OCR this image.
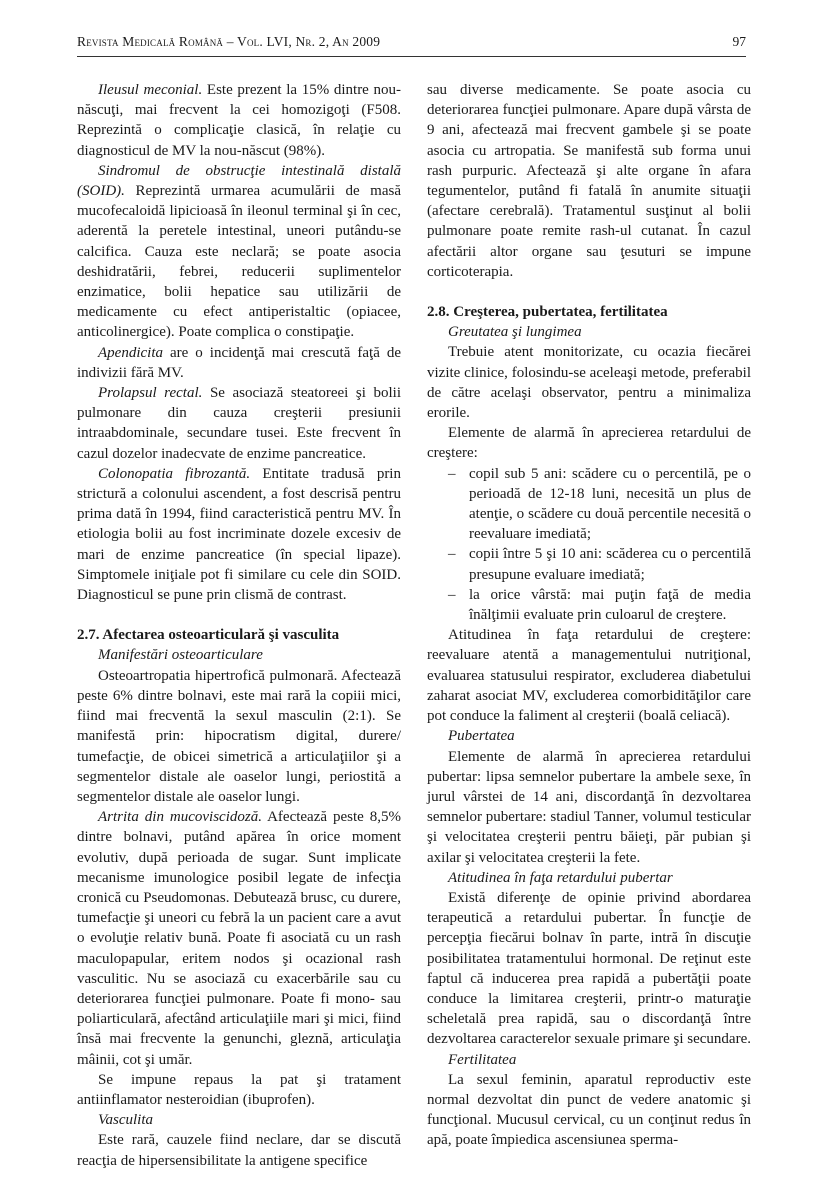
Revista Medicală Română – Vol. LVI, Nr. 2, An 2009	97

Ileusul meconial. Este prezent la 15% dintre nou-născuţi, mai frecvent la cei homozigoţi (F508. Reprezintă o complicaţie clasică, în relaţie cu diagnosticul de MV la nou-născut (98%).

Sindromul de obstrucţie intestinală distală (SOID). Reprezintă urmarea acumulării de masă mucofecaloidă lipicioasă în ileonul terminal şi în cec, aderentă la peretele intestinal, uneori putându-se calcifica. Cauza este neclară; se poate asocia deshidratării, febrei, reducerii suplimentelor enzimatice, bolii hepatice sau utilizării de medicamente cu efect antiperistaltic (opiacee, anticolinergice). Poate complica o constipaţie.

Apendicita are o incidenţă mai crescută faţă de indivizii fără MV.

Prolapsul rectal. Se asociază steatoreei şi bolii pulmonare din cauza creşterii presiunii intraabdominale, secundare tusei. Este frecvent în cazul dozelor inadecvate de enzime pancreatice.

Colonopatia fibrozantă. Entitate tradusă prin strictură a colonului ascendent, a fost descrisă pentru prima dată în 1994, fiind caracteristică pentru MV. În etiologia bolii au fost incriminate dozele excesiv de mari de enzime pancreatice (în special lipaze). Simptomele iniţiale pot fi similare cu cele din SOID. Diagnosticul se pune prin clismă de contrast.

2.7. Afectarea osteoarticulară şi vasculita

Manifestări osteoarticulare

Osteoartropatia hipertrofică pulmonară. Afectează peste 6% dintre bolnavi, este mai rară la copiii mici, fiind mai frecventă la sexul masculin (2:1). Se manifestă prin: hipocratism digital, durere/ tumefacţie, de obicei simetrică a articulaţiilor şi a segmentelor distale ale oaselor lungi, periostită a segmentelor distale ale oaselor lungi.

Artrita din mucoviscidoză. Afectează peste 8,5% dintre bolnavi, putând apărea în orice moment evolutiv, după perioada de sugar. Sunt implicate mecanisme imunologice posibil legate de infecţia cronică cu Pseudomonas. Debutează brusc, cu durere, tumefacţie şi uneori cu febră la un pacient care a avut o evoluţie relativ bună. Poate fi asociată cu un rash maculopapular, eritem nodos şi ocazional rash vasculitic. Nu se asociază cu exacerbările sau cu deteriorarea funcţiei pulmonare. Poate fi mono- sau poliarticulară, afectând articulaţiile mari şi mici, fiind însă mai frecvente la genunchi, gleznă, articulaţia mâinii, cot şi umăr.

Se impune repaus la pat şi tratament antiinflamator nesteroidian (ibuprofen).

Vasculita

Este rară, cauzele fiind neclare, dar se discută reacţia de hipersensibilitate la antigene specifice

sau diverse medicamente. Se poate asocia cu deteriorarea funcţiei pulmonare. Apare după vârsta de 9 ani, afectează mai frecvent gambele şi se poate asocia cu artropatia. Se manifestă sub forma unui rash purpuric. Afectează şi alte organe în afara tegumentelor, putând fi fatală în anumite situaţii (afectare cerebrală). Tratamentul susţinut al bolii pulmonare poate remite rash-ul cutanat. În cazul afectării altor organe sau ţesuturi se impune corticoterapia.

2.8. Creşterea, pubertatea, fertilitatea

Greutatea şi lungimea

Trebuie atent monitorizate, cu ocazia fiecărei vizite clinice, folosindu-se aceleaşi metode, preferabil de către acelaşi observator, pentru a minimaliza erorile.

Elemente de alarmă în aprecierea retardului de creştere:

– copil sub 5 ani: scădere cu o percentilă, pe o perioadă de 12-18 luni, necesită un plus de atenţie, o scădere cu două percentile necesită o reevaluare imediată;
– copii între 5 şi 10 ani: scăderea cu o percentilă presupune evaluare imediată;
– la orice vârstă: mai puţin faţă de media înălţimii evaluate prin culoarul de creştere.

Atitudinea în faţa retardului de creştere: reevaluare atentă a managementului nutriţional, evaluarea statusului respirator, excluderea diabetului zaharat asociat MV, excluderea comorbidităţilor care pot conduce la faliment al creşterii (boală celiacă).

Pubertatea

Elemente de alarmă în aprecierea retardului pubertar: lipsa semnelor pubertare la ambele sexe, în jurul vârstei de 14 ani, discordanţă în dezvoltarea semnelor pubertare: stadiul Tanner, volumul testicular şi velocitatea creşterii pentru băieţi, păr pubian şi axilar şi velocitatea creşterii la fete.

Atitudinea în faţa retardului pubertar

Există diferenţe de opinie privind abordarea terapeutică a retardului pubertar. În funcţie de percepţia fiecărui bolnav în parte, intră în discuţie posibilitatea tratamentului hormonal. De reţinut este faptul că inducerea prea rapidă a pubertăţii poate conduce la limitarea creşterii, printr-o maturaţie scheletală prea rapidă, sau o discordanţă între dezvoltarea caracterelor sexuale primare şi secundare.

Fertilitatea

La sexul feminin, aparatul reproductiv este normal dezvoltat din punct de vedere anatomic şi funcţional. Mucusul cervical, cu un conţinut redus în apă, poate împiedica ascensiunea sperma-
